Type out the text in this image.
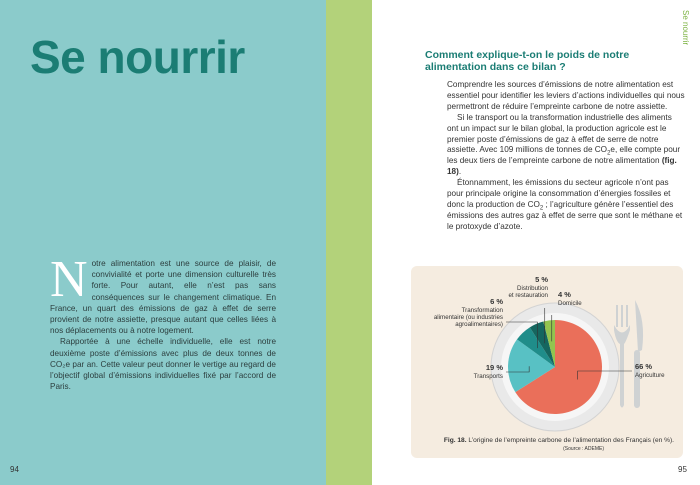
Se nourrir

Notre alimentation est une source de plaisir, de convivialité et porte une dimension culturelle très forte. Pour autant, elle n’est pas sans conséquences sur le changement climatique. En France, un quart des émissions de gaz à effet de serre provient de notre assiette, presque autant que celles liées à nos déplacements ou à notre logement.

Rapportée à une échelle individuelle, elle est notre deuxième poste d’émissions avec plus de deux tonnes de CO₂e par an. Cette valeur peut donner le vertige au regard de l’objectif global d’émissions individuelles fixé par l’accord de Paris.

94
Se nourrir
Comment explique-t-on le poids de notre alimentation dans ce bilan ?

Comprendre les sources d’émissions de notre alimentation est essentiel pour identifier les leviers d’actions individuelles qui nous permettront de réduire l’empreinte carbone de notre assiette.

Si le transport ou la transformation industrielle des aliments ont un impact sur le bilan global, la production agricole est le premier poste d’émissions de gaz à effet de serre de notre assiette. Avec 109 millions de tonnes de $CO_2e$, elle compte pour les deux tiers de l’empreinte carbone de notre alimentation (fig. 18).

Étonnamment, les émissions du secteur agricole n’ont pas pour principale origine la consommation d’énergies fossiles et donc la production de $CO_2$ ; l’agriculture génère l’essentiel des émissions des autres gaz à effet de serre que sont le méthane et le protoxyde d’azote.

66 % Agriculture
19 % Transports
6 % Transformation alimentaire (ou industries agroalimentaires)
5 % Distribution et restauration 4 % Domicile
Fig. 18. L’origine de l’empreinte carbone de l’alimentation des Français (en %).
(Source : ADEME)
95
